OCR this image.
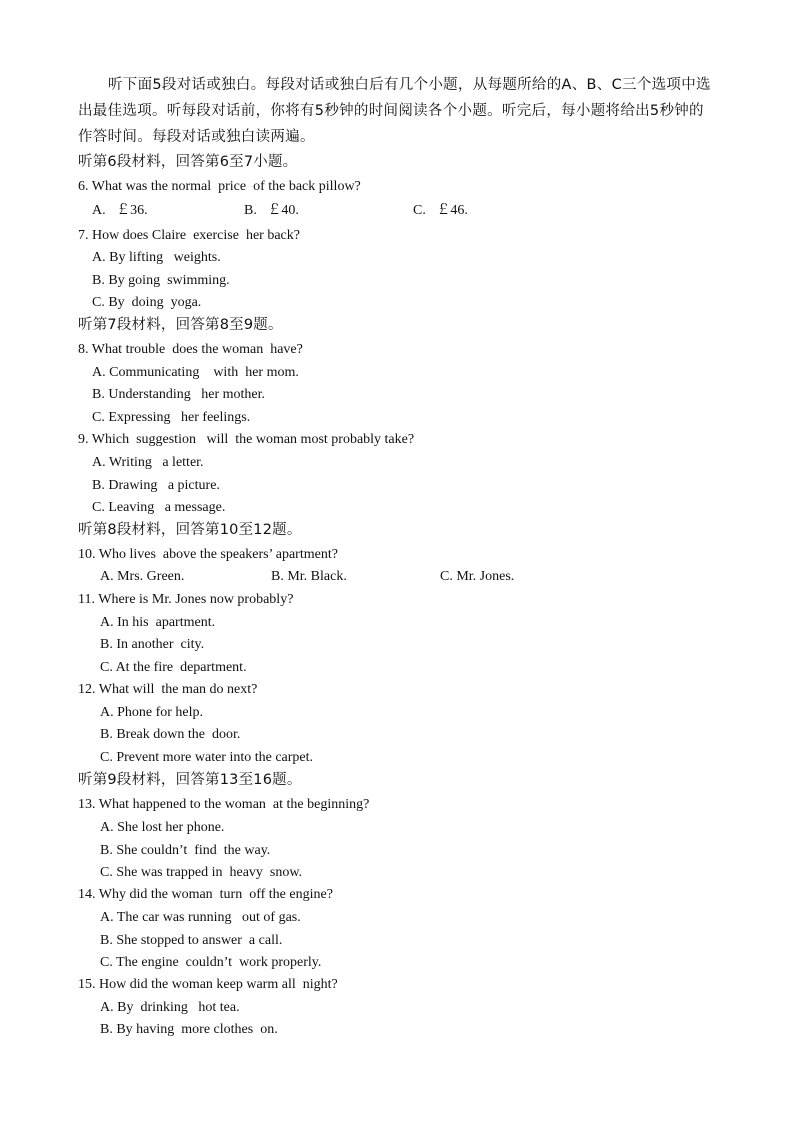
听下面5段对话或独白。每段对话或独白后有几个小题，从每题所给的A、B、C三个选项中选出最佳选项。听每段对话前，你将有5秒钟的时间阅读各个小题。听完后，每小题将给出5秒钟的作答时间。每段对话或独白读两遍。
听第6段材料，回答第6至7小题。
6. What was the normal  price  of the back pillow?
A.   ￡36.	B.   ￡40.	C.   ￡46.
7. How does Claire  exercise  her back?
A. By lifting   weights.
B. By going  swimming.
C. By  doing  yoga.
听第7段材料，回答第8至9题。
8. What trouble  does the woman  have?
A. Communicating    with  her mom.
B. Understanding   her mother.
C. Expressing   her feelings.
9. Which  suggestion   will  the woman most probably take?
A. Writing   a letter.
B. Drawing   a picture.
C. Leaving   a message.
听第8段材料，回答第10至12题。
10. Who lives  above the speakers’ apartment?
A. Mrs. Green.	B. Mr. Black.	C. Mr. Jones.
11. Where is Mr. Jones now probably?
A. In his  apartment.
B. In another  city.
C. At the fire  department.
12. What will  the man do next?
A. Phone for help.
B. Break down the  door.
C. Prevent more water into the carpet.
听第9段材料，回答第13至16题。
13. What happened to the woman  at the beginning?
A. She lost her phone.
B. She couldn’t  find  the way.
C. She was trapped in  heavy  snow.
14. Why did the woman  turn  off the engine?
A. The car was running   out of gas.
B. She stopped to answer  a call.
C. The engine  couldn’t  work properly.
15. How did the woman keep warm all  night?
A. By  drinking   hot tea.
B. By having  more clothes  on.
